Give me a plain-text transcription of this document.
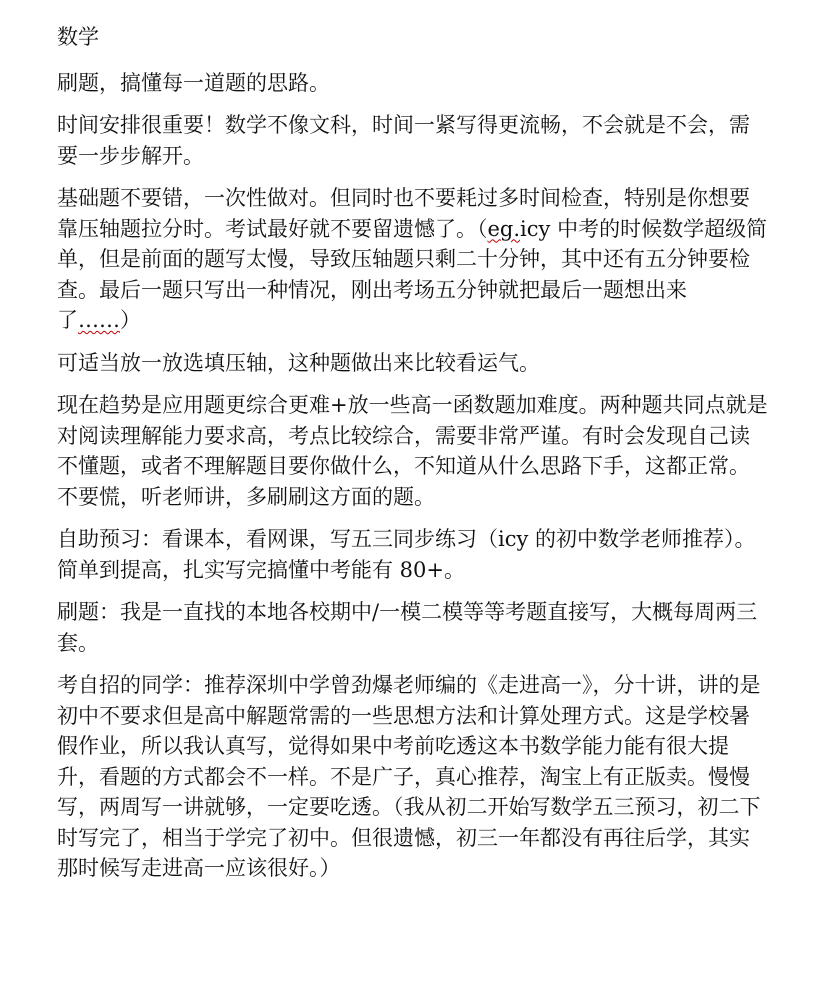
数学

刷题，搞懂每一道题的思路。

时间安排很重要！数学不像文科，时间一紧写得更流畅，不会就是不会，需要一步步解开。

基础题不要错，一次性做对。但同时也不要耗过多时间检查，特别是你想要靠压轴题拉分时。考试最好就不要留遗憾了。（eg.icy 中考的时候数学超级简单，但是前面的题写太慢，导致压轴题只剩二十分钟，其中还有五分钟要检查。最后一题只写出一种情况，刚出考场五分钟就把最后一题想出来了……）

可适当放一放选填压轴，这种题做出来比较看运气。

现在趋势是应用题更综合更难+放一些高一函数题加难度。两种题共同点就是对阅读理解能力要求高，考点比较综合，需要非常严谨。有时会发现自己读不懂题，或者不理解题目要你做什么，不知道从什么思路下手，这都正常。不要慌，听老师讲，多刷刷这方面的题。

自助预习：看课本，看网课，写五三同步练习（icy 的初中数学老师推荐）。简单到提高，扎实写完搞懂中考能有 80+。

刷题：我是一直找的本地各校期中/一模二模等等考题直接写，大概每周两三套。

考自招的同学：推荐深圳中学曾劲爆老师编的《走进高一》，分十讲，讲的是初中不要求但是高中解题常需的一些思想方法和计算处理方式。这是学校暑假作业，所以我认真写，觉得如果中考前吃透这本书数学能力能有很大提升，看题的方式都会不一样。不是广子，真心推荐，淘宝上有正版卖。慢慢写，两周写一讲就够，一定要吃透。（我从初二开始写数学五三预习，初二下时写完了，相当于学完了初中。但很遗憾，初三一年都没有再往后学，其实那时候写走进高一应该很好。）
